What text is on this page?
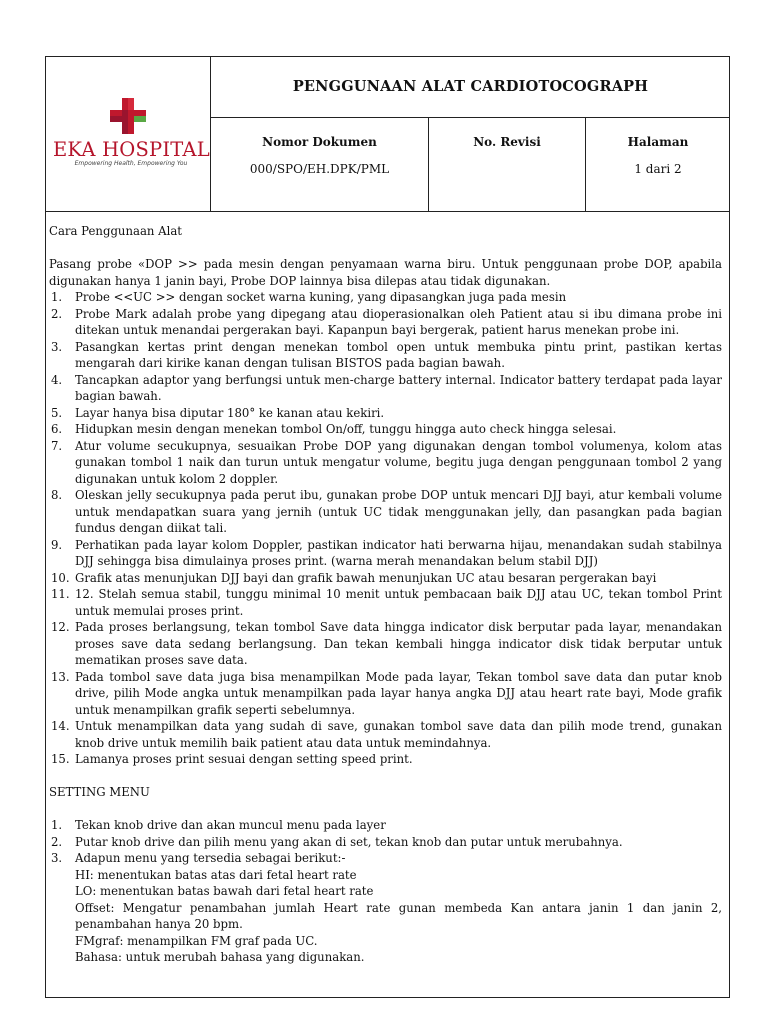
EKA HOSPITAL
Empowering Health, Empowering You
PENGGUNAAN ALAT CARDIOTOCOGRAPH
Nomor Dokumen
000/SPO/EH.DPK/PML
No. Revisi	Halaman
1 dari 2

Cara Penggunaan Alat

Pasang probe «DOP >> pada mesin dengan penyamaan warna biru. Untuk penggunaan probe DOP, apabila digunakan hanya 1 janin bayi, Probe DOP lainnya bisa dilepas atau tidak digunakan.

1. Probe <<UC >> dengan socket warna kuning, yang dipasangkan juga pada mesin
2. Probe Mark adalah probe yang dipegang atau dioperasionalkan oleh Patient atau si ibu dimana probe ini ditekan untuk menandai pergerakan bayi. Kapanpun bayi bergerak, patient harus menekan probe ini.
3. Pasangkan kertas print dengan menekan tombol open untuk membuka pintu print, pastikan kertas mengarah dari kirike kanan dengan tulisan BISTOS pada bagian bawah.
4. Tancapkan adaptor yang berfungsi untuk men-charge battery internal. Indicator battery terdapat pada layar bagian bawah.
5. Layar hanya bisa diputar 180° ke kanan atau kekiri.
6. Hidupkan mesin dengan menekan tombol On/off, tunggu hingga auto check hingga selesai.
7. Atur volume secukupnya, sesuaikan Probe DOP yang digunakan dengan tombol volumenya, kolom atas gunakan tombol 1 naik dan turun untuk mengatur volume, begitu juga dengan penggunaan tombol 2 yang digunakan untuk kolom 2 doppler.
8. Oleskan jelly secukupnya pada perut ibu, gunakan probe DOP untuk mencari DJJ bayi, atur kembali volume untuk mendapatkan suara yang jernih (untuk UC tidak menggunakan jelly, dan pasangkan pada bagian fundus dengan diikat tali.
9. Perhatikan pada layar kolom Doppler, pastikan indicator hati berwarna hijau, menandakan sudah stabilnya DJJ sehingga bisa dimulainya proses print. (warna merah menandakan belum stabil DJJ)
10. Grafik atas menunjukan DJJ bayi dan grafik bawah menunjukan UC atau besaran pergerakan bayi
11. 12. Stelah semua stabil, tunggu minimal 10 menit untuk pembacaan baik DJJ atau UC, tekan tombol Print untuk memulai proses print.
12. Pada proses berlangsung, tekan tombol Save data hingga indicator disk berputar pada layar, menandakan proses save data sedang berlangsung. Dan tekan kembali hingga indicator disk tidak berputar untuk mematikan proses save data.
13. Pada tombol save data juga bisa menampilkan Mode pada layar, Tekan tombol save data dan putar knob drive, pilih Mode angka untuk menampilkan pada layar hanya angka DJJ atau heart rate bayi, Mode grafik untuk menampilkan grafik seperti sebelumnya.
14. Untuk menampilkan data yang sudah di save, gunakan tombol save data dan pilih mode trend, gunakan knob drive untuk memilih baik patient atau data untuk memindahnya.
15. Lamanya proses print sesuai dengan setting speed print.

SETTING MENU

1. Tekan knob drive dan akan muncul menu pada layer
2. Putar knob drive dan pilih menu yang akan di set, tekan knob dan putar untuk merubahnya.
3. Adapun menu yang tersedia sebagai berikut:-
HI: menentukan batas atas dari fetal heart rate
LO: menentukan batas bawah dari fetal heart rate
Offset: Mengatur penambahan jumlah Heart rate gunan membeda Kan antara janin 1 dan janin 2, penambahan hanya 20 bpm.
FMgraf: menampilkan FM graf pada UC.
Bahasa: untuk merubah bahasa yang digunakan.
